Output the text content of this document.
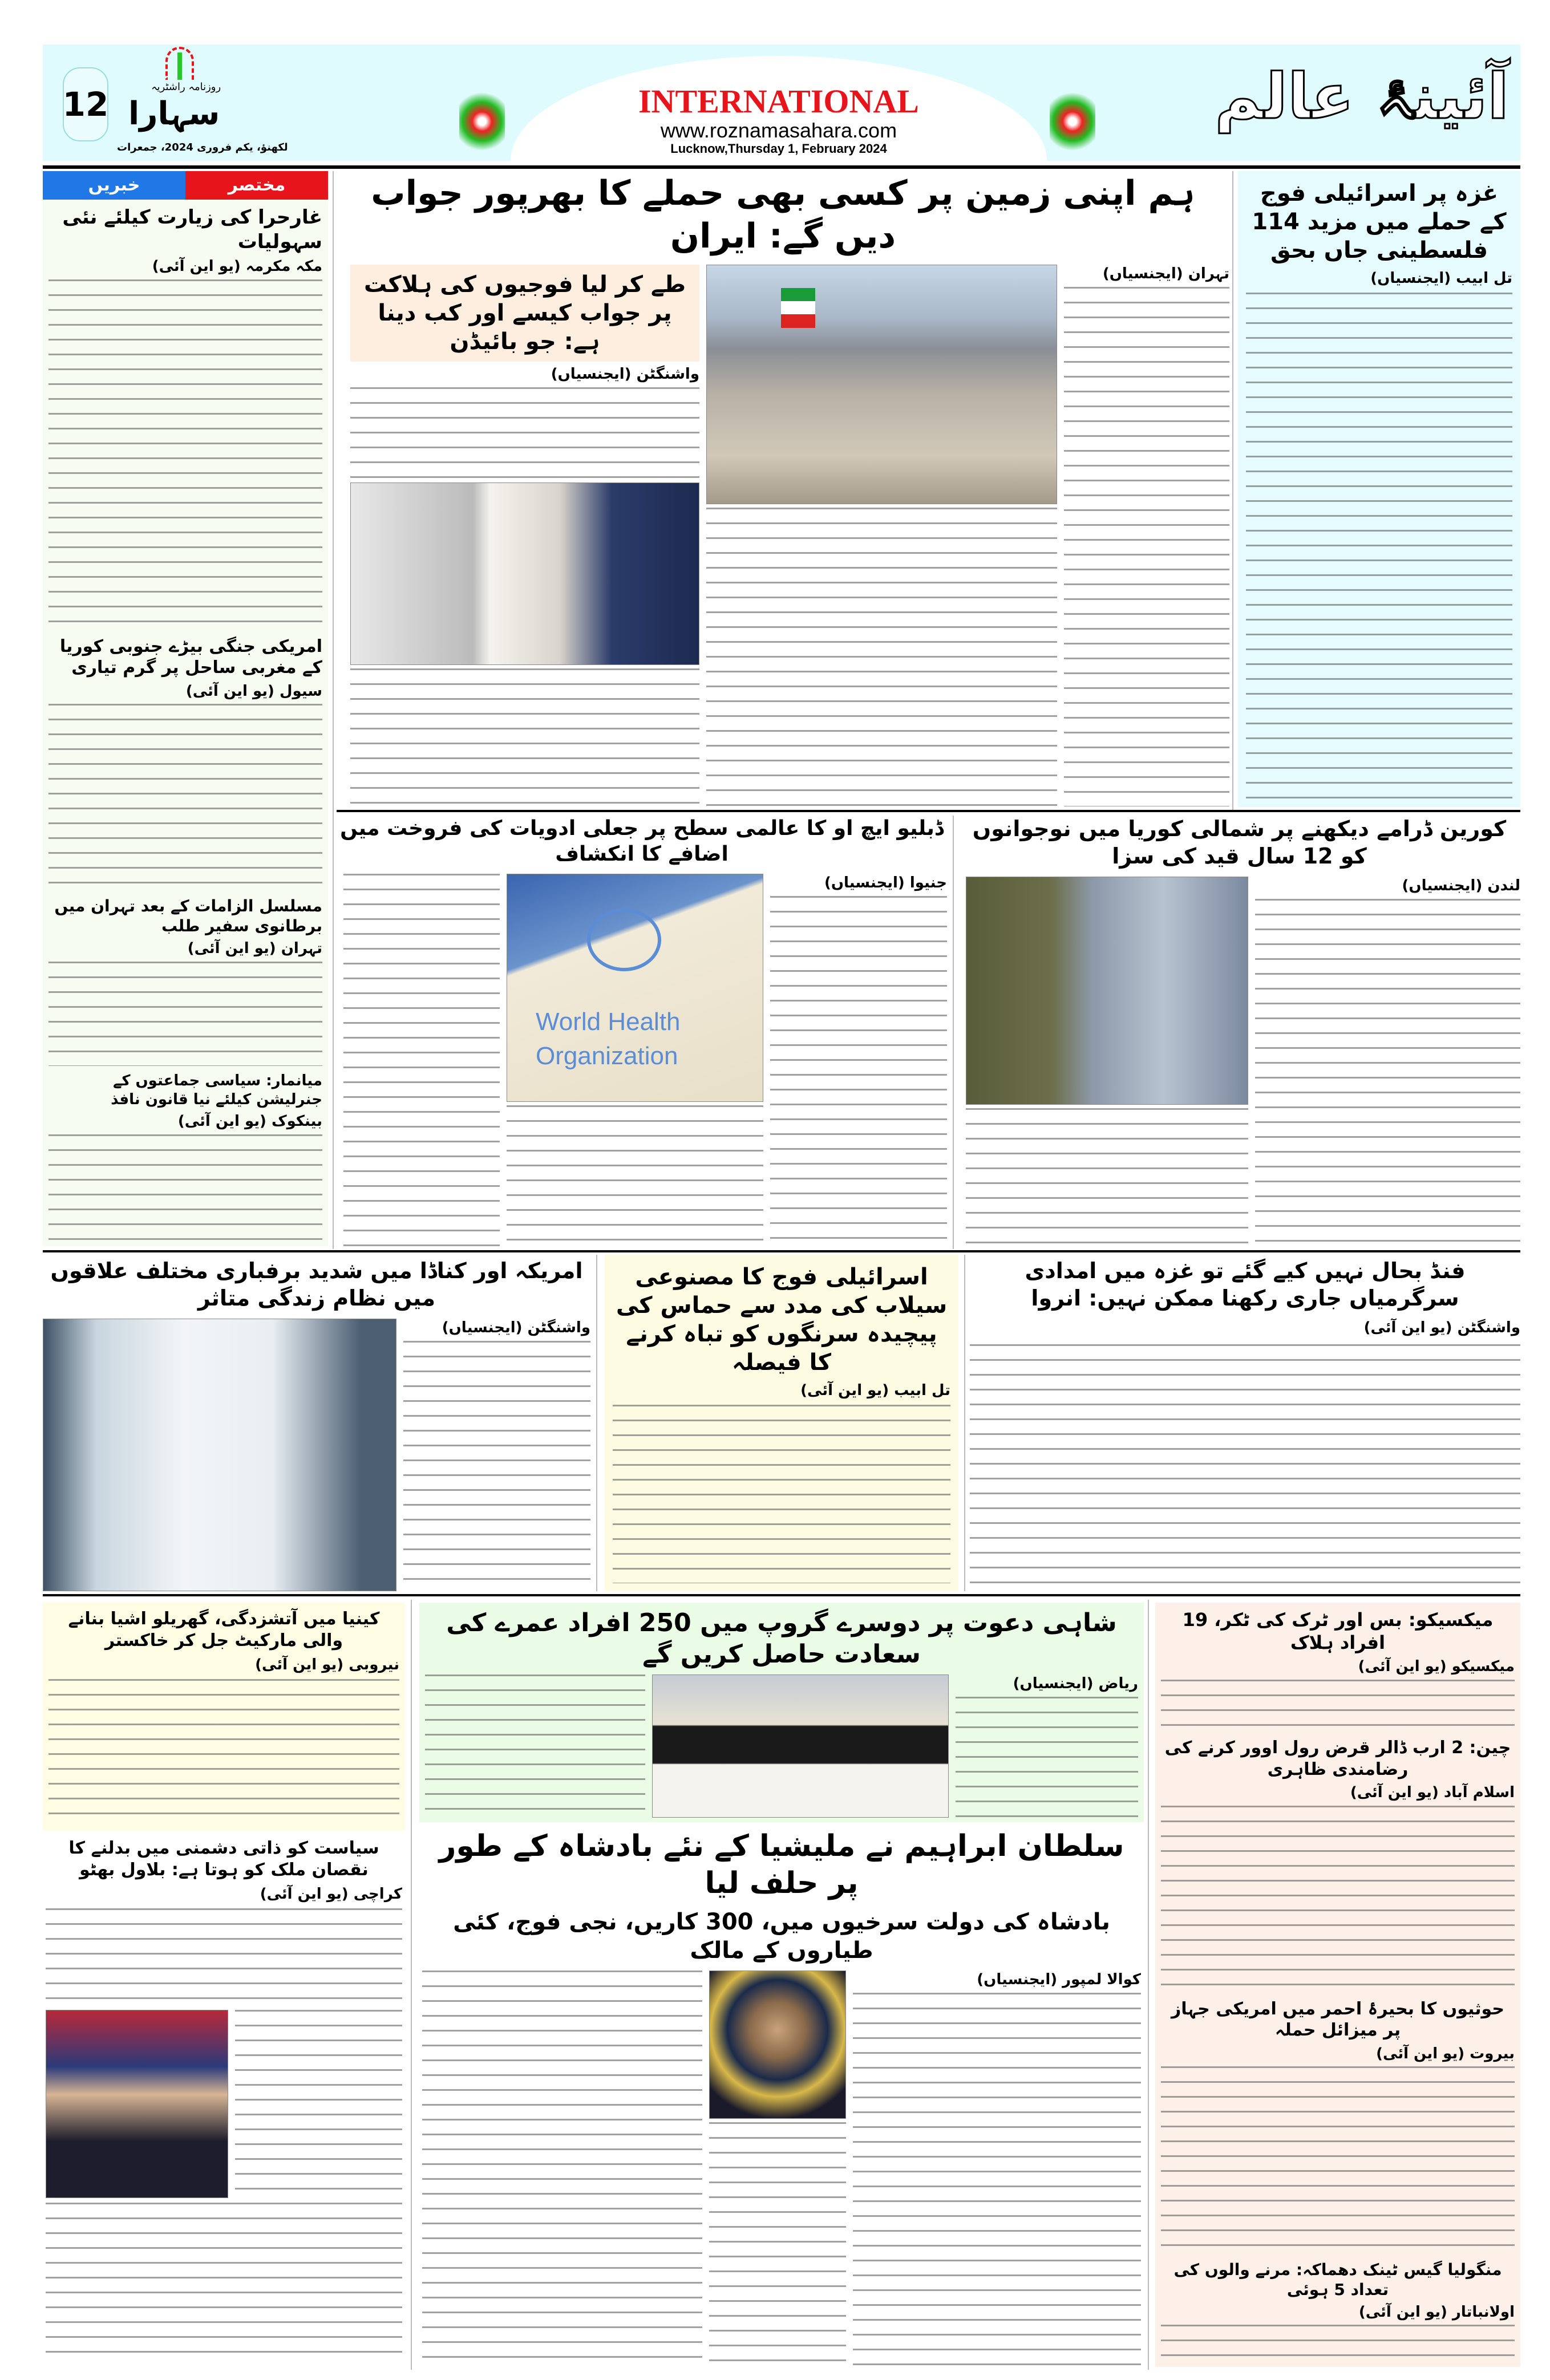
12	روزنامہ راشٹریہ
سہارا
لکھنؤ، یکم فروری 2024، جمعرات
INTERNATIONAL
www.roznamasahara.com
Lucknow,Thursday 1, February 2024
آئینۂ عالم
خبریں	مختصر
غارحرا کی زیارت کیلئے نئی سہولیات
مکہ مکرمہ (یو این آئی)
امریکی جنگی بیڑے جنوبی کوریا کے مغربی ساحل پر گرم تیاری
سیول (یو این آئی)
مسلسل الزامات کے بعد تہران میں برطانوی سفیر طلب
تہران (یو این آئی)
میانمار: سیاسی جماعتوں کے جنرلیشن کیلئے نیا قانون نافذ
بینکوک (یو این آئی)
ہم اپنی زمین پر کسی بھی حملے کا بھرپور جواب دیں گے: ایران
تہران (ایجنسیاں)
طے کر لیا فوجیوں کی ہلاکت پر جواب کیسے اور کب دینا ہے: جو بائیڈن
واشنگٹن (ایجنسیاں)
غزہ پر اسرائیلی فوج کے حملے میں مزید 114 فلسطینی جاں بحق
تل ابیب (ایجنسیاں)
کورین ڈرامے دیکھنے پر شمالی کوریا میں نوجوانوں کو 12 سال قید کی سزا
لندن (ایجنسیاں)
ڈبلیو ایچ او کا عالمی سطح پر جعلی ادویات کی فروخت میں اضافے کا انکشاف
جنیوا (ایجنسیاں)
World Health
Organization
امریکہ اور کناڈا میں شدید برفباری مختلف علاقوں میں نظام زندگی متاثر
واشنگٹن (ایجنسیاں)
اسرائیلی فوج کا مصنوعی سیلاب کی مدد سے حماس کی پیچیدہ سرنگوں کو تباہ کرنے کا فیصلہ
تل ابیب (یو این آئی)
فنڈ بحال نہیں کیے گئے تو غزہ میں امدادی سرگرمیاں جاری رکھنا ممکن نہیں: انروا
واشنگٹن (یو این آئی)
کینیا میں آتشزدگی، گھریلو اشیا بنانے والی مارکیٹ جل کر خاکستر
نیروبی (یو این آئی)
سیاست کو ذاتی دشمنی میں بدلنے کا نقصان ملک کو ہوتا ہے: بلاول بھٹو
کراچی (یو این آئی)
شاہی دعوت پر دوسرے گروپ میں 250 افراد عمرے کی سعادت حاصل کریں گے
ریاض (ایجنسیاں)
سلطان ابراہیم نے ملیشیا کے نئے بادشاہ کے طور پر حلف لیا
بادشاہ کی دولت سرخیوں میں، 300 کاریں، نجی فوج، کئی طیاروں کے مالک
کوالا لمپور (ایجنسیاں)
میکسیکو: بس اور ٹرک کی ٹکر، 19 افراد ہلاک
میکسیکو (یو این آئی)
چین: 2 ارب ڈالر قرض رول اوور کرنے کی رضامندی ظاہری
اسلام آباد (یو این آئی)
حوثیوں کا بحیرۂ احمر میں امریکی جہاز پر میزائل حملہ
بیروت (یو این آئی)
منگولیا گیس ٹینک دھماکہ: مرنے والوں کی تعداد 5 ہوئی
اولانباتار (یو این آئی)
